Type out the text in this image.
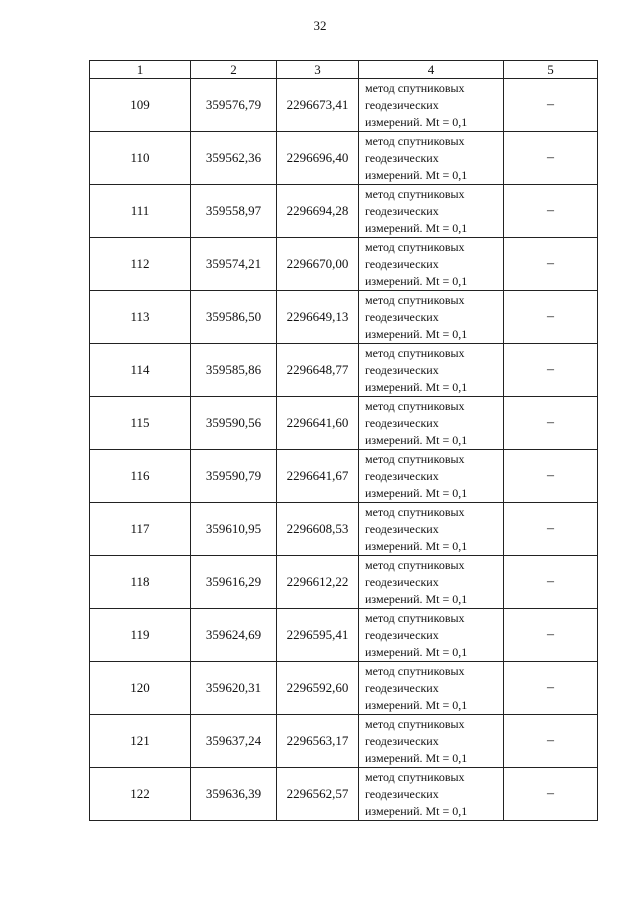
32
1	2	3	4	5
109	359576,79	2296673,41	метод спутниковых
геодезических
измерений. Mt = 0,1	–
110	359562,36	2296696,40	метод спутниковых
геодезических
измерений. Mt = 0,1	–
111	359558,97	2296694,28	метод спутниковых
геодезических
измерений. Mt = 0,1	–
112	359574,21	2296670,00	метод спутниковых
геодезических
измерений. Mt = 0,1	–
113	359586,50	2296649,13	метод спутниковых
геодезических
измерений. Mt = 0,1	–
114	359585,86	2296648,77	метод спутниковых
геодезических
измерений. Mt = 0,1	–
115	359590,56	2296641,60	метод спутниковых
геодезических
измерений. Mt = 0,1	–
116	359590,79	2296641,67	метод спутниковых
геодезических
измерений. Mt = 0,1	–
117	359610,95	2296608,53	метод спутниковых
геодезических
измерений. Mt = 0,1	–
118	359616,29	2296612,22	метод спутниковых
геодезических
измерений. Mt = 0,1	–
119	359624,69	2296595,41	метод спутниковых
геодезических
измерений. Mt = 0,1	–
120	359620,31	2296592,60	метод спутниковых
геодезических
измерений. Mt = 0,1	–
121	359637,24	2296563,17	метод спутниковых
геодезических
измерений. Mt = 0,1	–
122	359636,39	2296562,57	метод спутниковых
геодезических
измерений. Mt = 0,1	–
